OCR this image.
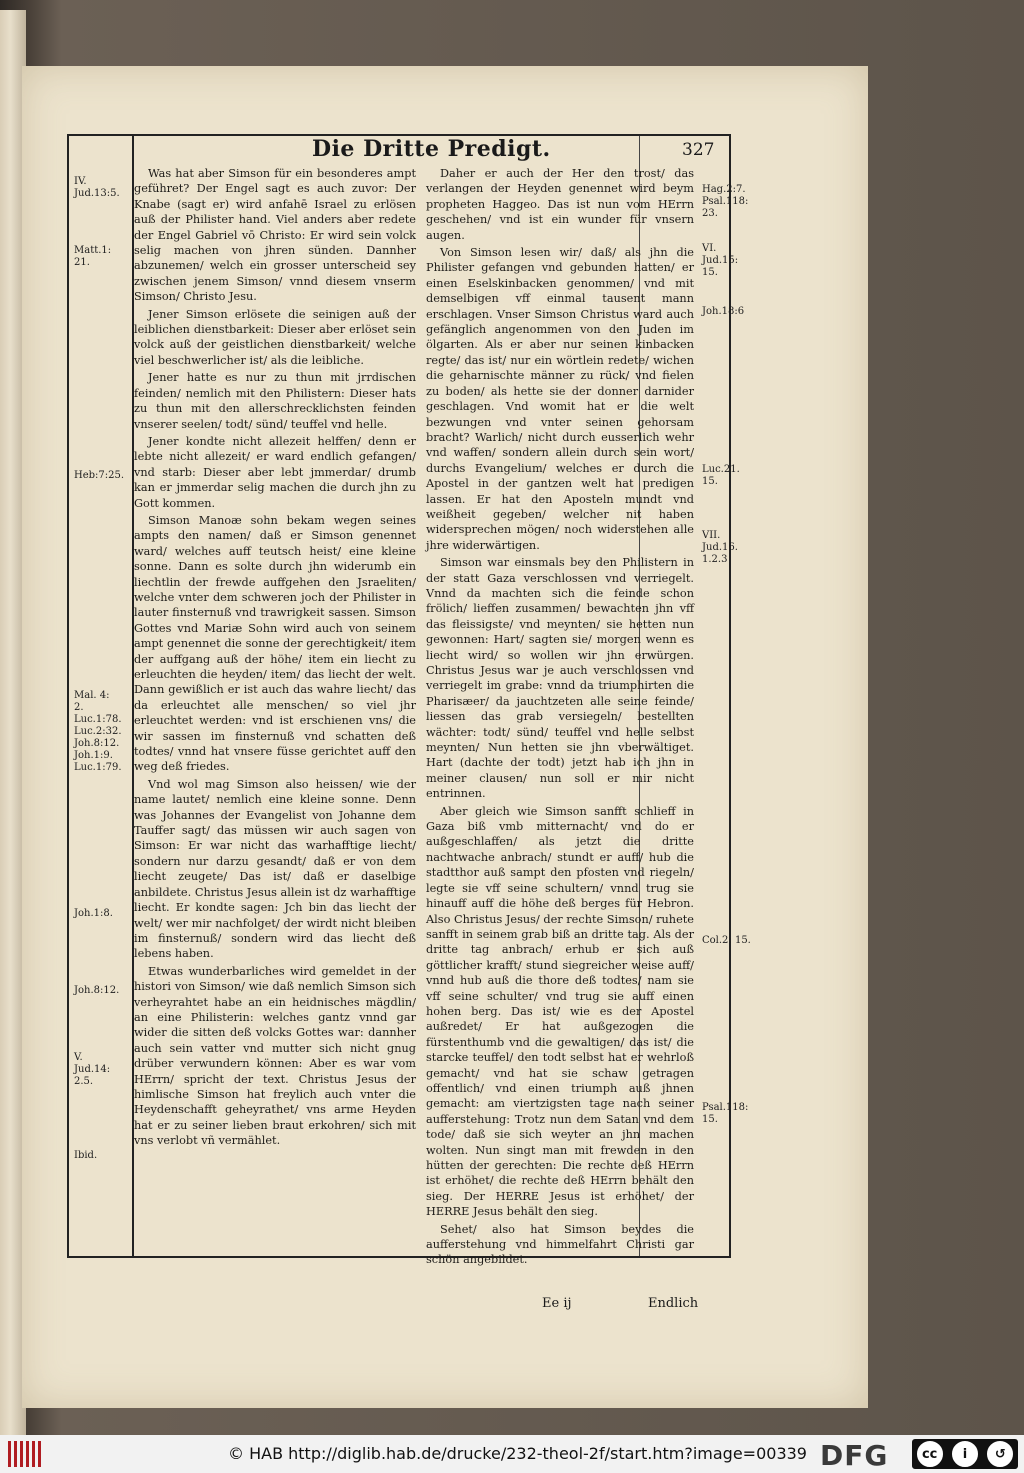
Die Dritte Predigt.	327
IV.
Jud.13:5.
Matt.1:
21.
Heb:7:25.
Mal. 4:
2.
Luc.1:78.
Luc.2:32.
Joh.8:12.
Joh.1:9.
Luc.1:79.
Joh.1:8.
Joh.8:12.
V.
Jud.14:
2.5.
Ibid.
Hag.2:7.
Psal.118:
23.
VI.
Jud.15:
15.
Joh.18:6
Luc.21.
15.
VII.
Jud.16.
1.2.3
Col.2: 15.
Psal.118:
15.

Was hat aber Simson für ein besonderes ampt geführet? Der Engel sagt es auch zuvor: Der Knabe (sagt er) wird anfahē Israel zu erlösen auß der Philister hand. Viel anders aber redete der Engel Gabriel vō Christo: Er wird sein volck selig machen von jhren sünden. Dannher abzunemen/ welch ein grosser unterscheid sey zwischen jenem Simson/ vnnd diesem vnserm Simson/ Christo Jesu.

Jener Simson erlösete die seinigen auß der leiblichen dienstbarkeit: Dieser aber erlöset sein volck auß der geistlichen dienstbarkeit/ welche viel beschwerlicher ist/ als die leibliche.

Jener hatte es nur zu thun mit jrrdischen feinden/ nemlich mit den Philistern: Dieser hats zu thun mit den allerschrecklichsten feinden vnserer seelen/ todt/ sünd/ teuffel vnd helle.

Jener kondte nicht allezeit helffen/ denn er lebte nicht allezeit/ er ward endlich gefangen/ vnd starb: Dieser aber lebt jmmerdar/ drumb kan er jmmerdar selig machen die durch jhn zu Gott kommen.

Simson Manoæ sohn bekam wegen seines ampts den namen/ daß er Simson genennet ward/ welches auff teutsch heist/ eine kleine sonne. Dann es solte durch jhn widerumb ein liechtlin der frewde auffgehen den Jsraeliten/ welche vnter dem schweren joch der Philister in lauter finsternuß vnd trawrigkeit sassen. Simson Gottes vnd Mariæ Sohn wird auch von seinem ampt genennet die sonne der gerechtigkeit/ item der auffgang auß der höhe/ item ein liecht zu erleuchten die heyden/ item/ das liecht der welt. Dann gewißlich er ist auch das wahre liecht/ das da erleuchtet alle menschen/ so viel jhr erleuchtet werden: vnd ist erschienen vns/ die wir sassen im finsternuß vnd schatten deß todtes/ vnnd hat vnsere füsse gerichtet auff den weg deß friedes.

Vnd wol mag Simson also heissen/ wie der name lautet/ nemlich eine kleine sonne. Denn was Johannes der Evangelist von Johanne dem Tauffer sagt/ das müssen wir auch sagen von Simson: Er war nicht das warhafftige liecht/ sondern nur darzu gesandt/ daß er von dem liecht zeugete/ Das ist/ daß er daselbige anbildete. Christus Jesus allein ist dz warhafftige liecht. Er kondte sagen: Jch bin das liecht der welt/ wer mir nachfolget/ der wirdt nicht bleiben im finsternuß/ sondern wird das liecht deß lebens haben.

Etwas wunderbarliches wird gemeldet in der histori von Simson/ wie daß nemlich Simson sich verheyrahtet habe an ein heidnisches mägdlin/ an eine Philisterin: welches gantz vnnd gar wider die sitten deß volcks Gottes war: dannher auch sein vatter vnd mutter sich nicht gnug drüber verwundern können: Aber es war vom HErrn/ spricht der text. Christus Jesus der himlische Simson hat freylich auch vnter die Heydenschafft geheyrathet/ vns arme Heyden hat er zu seiner lieben braut erkohren/ sich mit vns verlobt vñ vermählet.

Daher er auch der Her den trost/ das verlangen der Heyden genennet wird beym propheten Haggeo. Das ist nun vom HErrn geschehen/ vnd ist ein wunder für vnsern augen.

Von Simson lesen wir/ daß/ als jhn die Philister gefangen vnd gebunden hatten/ er einen Eselskinbacken genommen/ vnd mit demselbigen vff einmal tausent mann erschlagen. Vnser Simson Christus ward auch gefänglich angenommen von den Juden im ölgarten. Als er aber nur seinen kinbacken regte/ das ist/ nur ein wörtlein redete/ wichen die geharnischte männer zu rück/ vnd fielen zu boden/ als hette sie der donner darnider geschlagen. Vnd womit hat er die welt bezwungen vnd vnter seinen gehorsam bracht? Warlich/ nicht durch eusserlich wehr vnd waffen/ sondern allein durch sein wort/ durchs Evangelium/ welches er durch die Apostel in der gantzen welt hat predigen lassen. Er hat den Aposteln mundt vnd weißheit gegeben/ welcher nit haben widersprechen mögen/ noch widerstehen alle jhre widerwärtigen.

Simson war einsmals bey den Philistern in der statt Gaza verschlossen vnd verriegelt. Vnnd da machten sich die feinde schon frölich/ lieffen zusammen/ bewachten jhn vff das fleissigste/ vnd meynten/ sie hetten nun gewonnen: Hart/ sagten sie/ morgen wenn es liecht wird/ so wollen wir jhn erwürgen. Christus Jesus war je auch verschlossen vnd verriegelt im grabe: vnnd da triumphirten die Pharisæer/ da jauchtzeten alle seine feinde/ liessen das grab versiegeln/ bestellten wächter: todt/ sünd/ teuffel vnd helle selbst meynten/ Nun hetten sie jhn vberwältiget. Hart (dachte der todt) jetzt hab ich jhn in meiner clausen/ nun soll er mir nicht entrinnen.

Aber gleich wie Simson sanfft schlieff in Gaza biß vmb mitternacht/ vnd do er außgeschlaffen/ als jetzt die dritte nachtwache anbrach/ stundt er auff/ hub die stadtthor auß sampt den pfosten vnd riegeln/ legte sie vff seine schultern/ vnnd trug sie hinauff auff die höhe deß berges für Hebron. Also Christus Jesus/ der rechte Simson/ ruhete sanfft in seinem grab biß an dritte tag. Als der dritte tag anbrach/ erhub er sich auß göttlicher krafft/ stund siegreicher weise auff/ vnnd hub auß die thore deß todtes/ nam sie vff seine schulter/ vnd trug sie auff einen hohen berg. Das ist/ wie es der Apostel außredet/ Er hat außgezogen die fürstenthumb vnd die gewaltigen/ das ist/ die starcke teuffel/ den todt selbst hat er wehrloß gemacht/ vnd hat sie schaw getragen offentlich/ vnd einen triumph auß jhnen gemacht: am viertzigsten tage nach seiner aufferstehung: Trotz nun dem Satan vnd dem tode/ daß sie sich weyter an jhn machen wolten. Nun singt man mit frewden in den hütten der gerechten: Die rechte deß HErrn ist erhöhet/ die rechte deß HErrn behält den sieg. Der HERRE Jesus ist erhöhet/ der HERRE Jesus behält den sieg.

Sehet/ also hat Simson beydes die aufferstehung vnd himmelfahrt Christi gar schön angebildet.

Ee ij	Endlich
© HAB http://diglib.hab.de/drucke/232-theol-2f/start.htm?image=00339 DFG	cc	i	↺
